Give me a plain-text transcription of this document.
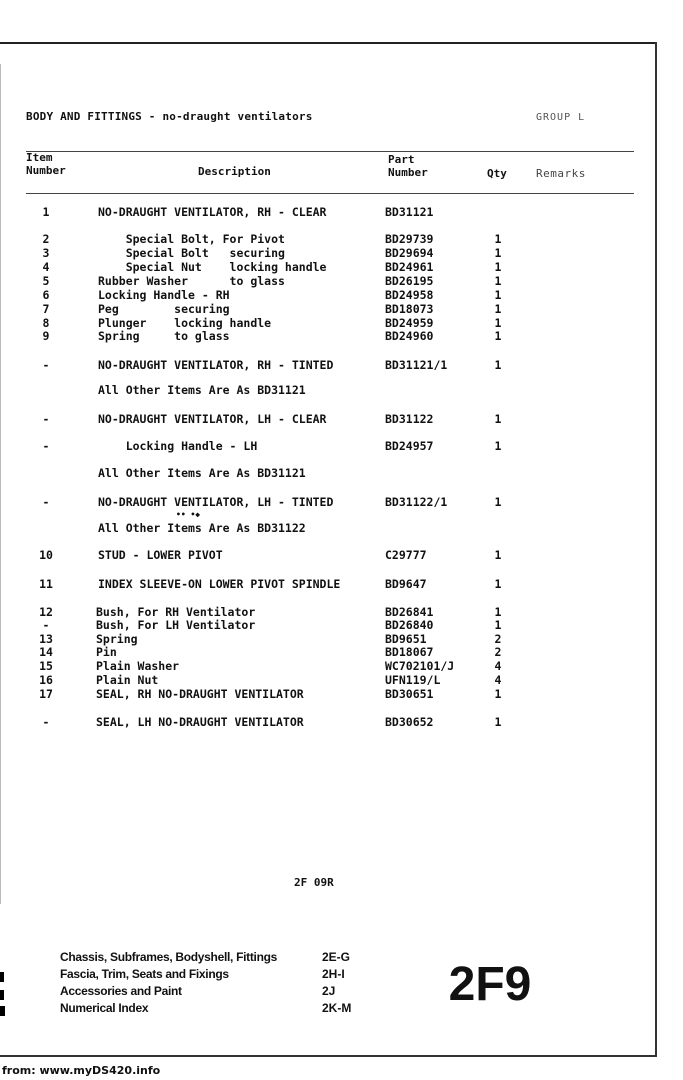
BODY AND FITTINGS - no-draught ventilators	GROUP L
Item
Number	Description
Part
Number	Qty	Remarks
1	NO-DRAUGHT VENTILATOR, RH - CLEAR	BD31121
2	Special Bolt, For Pivot	BD29739	1
3	Special Bolt   securing	BD29694	1
4	Special Nut    locking handle	BD24961	1
5	Rubber Washer      to glass	BD26195	1
6	Locking Handle - RH	BD24958	1
7	Peg        securing	BD18073	1
8	Plunger    locking handle	BD24959	1
9	Spring     to glass	BD24960	1
-	NO-DRAUGHT VENTILATOR, RH - TINTED	BD31121/1	1
All Other Items Are As BD31121
-	NO-DRAUGHT VENTILATOR, LH - CLEAR	BD31122	1
-	Locking Handle - LH	BD24957	1
All Other Items Are As BD31121
-	NO-DRAUGHT VENTILATOR, LH - TINTED	BD31122/1	1
All Other Items Are As BD31122
10	STUD - LOWER PIVOT	C29777	1
11	INDEX SLEEVE-ON LOWER PIVOT SPINDLE	BD9647	1
12	Bush, For RH Ventilator	BD26841	1
-	Bush, For LH Ventilator	BD26840	1
13	Spring	BD9651	2
14	Pin	BD18067	2
15	Plain Washer	WC702101/J	4
16	Plain Nut	UFN119/L	4
17	SEAL, RH NO-DRAUGHT VENTILATOR	BD30651	1
-	SEAL, LH NO-DRAUGHT VENTILATOR	BD30652	1
•• •◆
2F 09R
Chassis, Subframes, Bodyshell, Fittings	2E-G
Fascia, Trim, Seats and Fixings	2H-I
Accessories and Paint	2J
Numerical Index	2K-M	2F9
from: www.myDS420.info
